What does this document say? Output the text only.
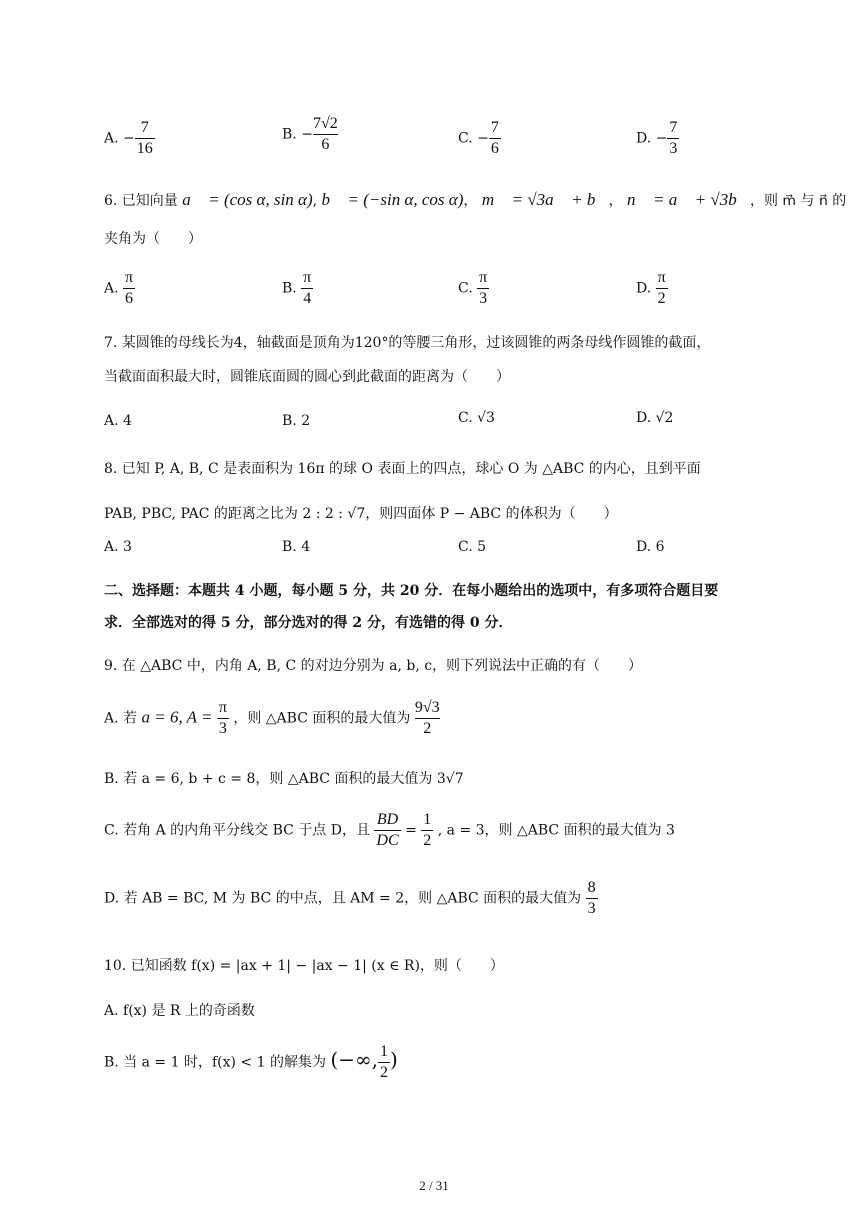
A. − $\frac{7}{16}$	B. − $\frac{7√2}{6}$	C. − $\frac{7}{6}$	D. − $\frac{7}{3}$
6. 已知向量 a⃗ = (cos α, sin α), b⃗ = (−sin α, cos α)， m⃗ = √3a⃗ + b⃗， n⃗ = a⃗ + √3b⃗，则 m⃗ 与 n⃗ 的
夹角为（　　）
A. $\frac{\pi}{6}$	B. $\frac{\pi}{4}$	C. $\frac{\pi}{3}$	D. $\frac{\pi}{2}$
7. 某圆锥的母线长为4，轴截面是顶角为120°的等腰三角形，过该圆锥的两条母线作圆锥的截面，
当截面面积最大时，圆锥底面圆的圆心到此截面的距离为（　　）
A. 4	B. 2	C. √3	D. √2
8. 已知 P, A, B, C 是表面积为 16π 的球 O 表面上的四点，球心 O 为 △ABC 的内心，且到平面
PAB, PBC, PAC 的距离之比为 2 : 2 : √7，则四面体 P − ABC 的体积为（　　）
A. 3	B. 4	C. 5	D. 6
二、选择题：本题共 4 小题，每小题 5 分，共 20 分．在每小题给出的选项中，有多项符合题目要
求．全部选对的得 5 分，部分选对的得 2 分，有选错的得 0 分．
9. 在 △ABC 中，内角 A, B, C 的对边分别为 a, b, c，则下列说法中正确的有（　　）
A. 若 a = 6, $A = \frac{\pi}{3}$ ，则 △ABC 面积的最大值为 $\frac{9√3}{2}$
B. 若 a = 6, b + c = 8，则 △ABC 面积的最大值为 3√7
C. 若角 A 的内角平分线交 BC 于点 D，且 $\frac{BD}{DC} = \frac{1}{2}$ , a = 3，则 △ABC 面积的最大值为 3
D. 若 AB = BC, M 为 BC 的中点，且 AM = 2，则 △ABC 面积的最大值为 $\frac{8}{3}$
10. 已知函数 f(x) = |ax + 1| − |ax − 1| (x ∈ R)，则（　　）
A. f(x) 是 R 上的奇函数
B. 当 a = 1 时，f(x) < 1 的解集为 (−∞, $\frac{1}{2}$ )
2 / 31
